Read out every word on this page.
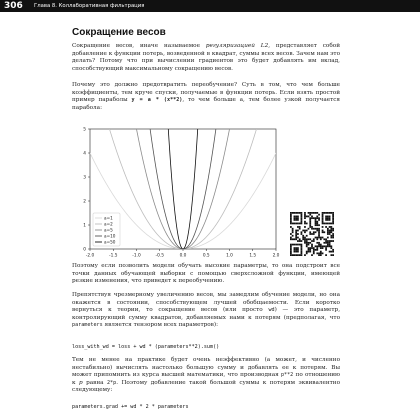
306 Глава 8. Коллаборативная фильтрация
Сокращение весов

Сокращение весов, иначе называемое регуляризацией L2, представляет собой добавление к функции потерь, возведенной в квадрат, суммы всех весов. Зачем нам это делать? Потому что при вычислении градиентов это будет добавлять им вклад, способствующий максимальному сокращению весов.

Почему это должно предотвратить переобучение? Суть в том, что чем больше коэффициенты, тем круче спуски, получаемые в функции потерь. Если взять простой пример параболы y = a * (x**2), то чем больше a, тем более узкой получается парабола:

-2.0	-1.5	-1.0	-0.5	0.0	0.5	1.0	1.5	2.0
0
1
2
3
4
5
a=1
a=2
a=5
a=10
a=50

Поэтому если позволить модели обучать высокие параметры, то она подстроит все точки данных обучающей выборки с помощью сверхсложной функции, имеющей резкие изменения, что приведет к переобучению.

Препятствуя чрезмерному увеличению весов, мы замедлим обучение модели, но она окажется в состоянии, способствующем лучшей обобщаемости. Если коротко вернуться к теории, то сокращение весов (или просто wd) — это параметр, контролирующий сумму квадратов, добавляемых нами к потерям (предполагая, что parameters является тензором всех параметров):

loss_with_wd = loss + wd * (parameters**2).sum()

Тем не менее на практике будет очень неэффективно (а может, и численно нестабильно) вычислять настолько большую сумму и добавлять ее к потерям. Вы может припомнить из курса высшей математики, что производная p**2 по отношению к p равна 2*p. Поэтому добавление такой большой суммы к потерям эквивалентно следующему:

parameters.grad += wd * 2 * parameters
